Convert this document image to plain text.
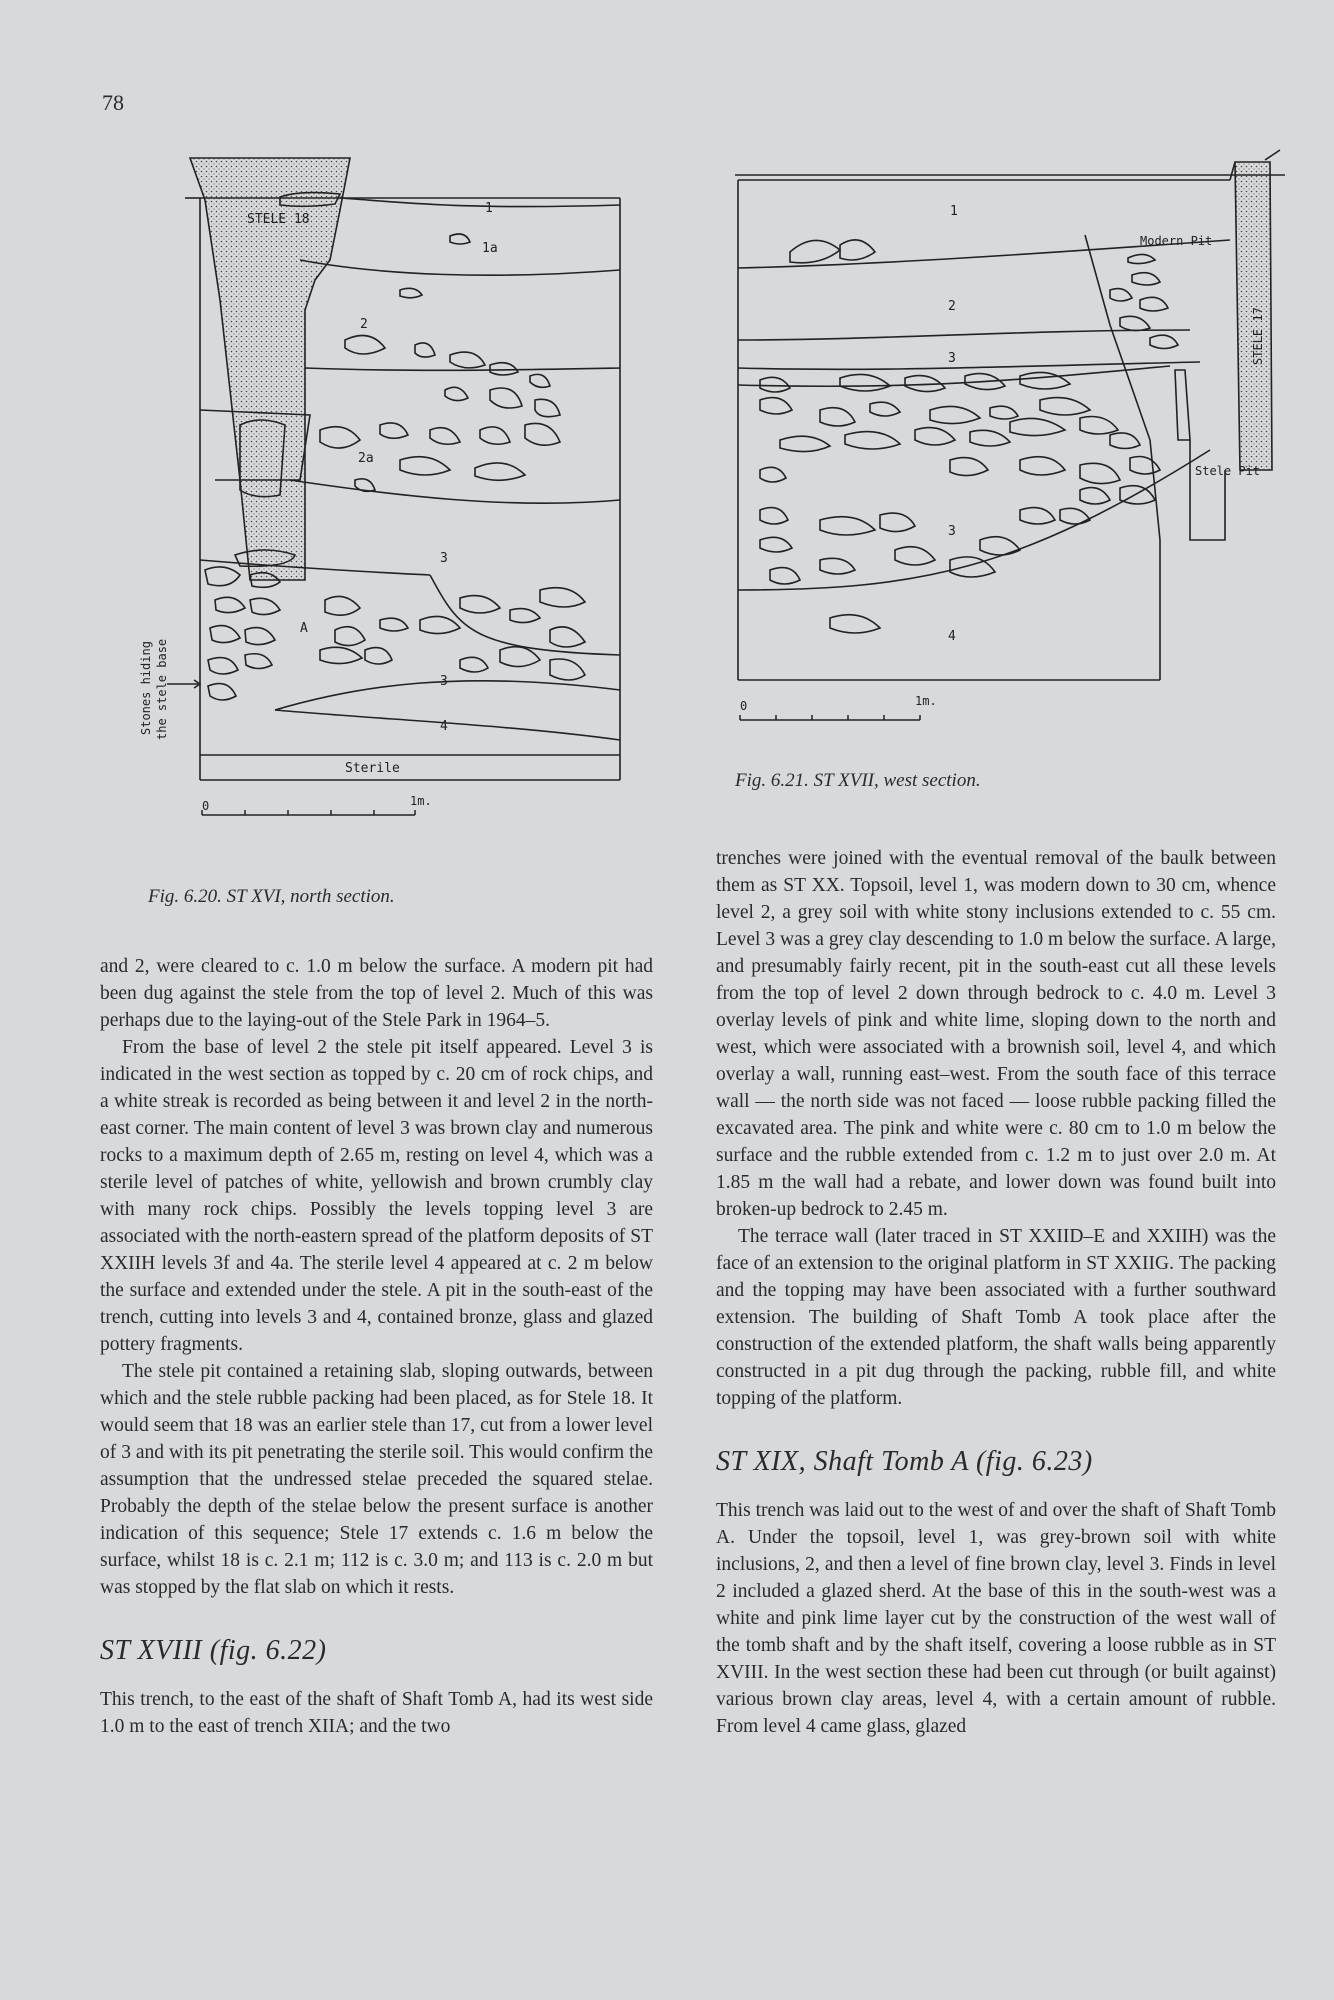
78
STELE 18
1
1a
2
2a
3
3
4
A
Sterile
0	1m.
Stones hiding the stele base
Fig. 6.20. ST XVI, north section.
1
2
3
3
4
Modern Pit
STELE 17
Stele Pit
0	1m.
Fig. 6.21. ST XVII, west section.

and 2, were cleared to c. 1.0 m below the surface. A modern pit had been dug against the stele from the top of level 2. Much of this was perhaps due to the laying-out of the Stele Park in 1964–5.

From the base of level 2 the stele pit itself appeared. Level 3 is indicated in the west section as topped by c. 20 cm of rock chips, and a white streak is recorded as being between it and level 2 in the north-east corner. The main content of level 3 was brown clay and numerous rocks to a maximum depth of 2.65 m, resting on level 4, which was a sterile level of patches of white, yellowish and brown crumbly clay with many rock chips. Possibly the levels topping level 3 are associated with the north-eastern spread of the platform deposits of ST XXIIH levels 3f and 4a. The sterile level 4 appeared at c. 2 m below the surface and extended under the stele. A pit in the south-east of the trench, cutting into levels 3 and 4, contained bronze, glass and glazed pottery fragments.

The stele pit contained a retaining slab, sloping outwards, between which and the stele rubble packing had been placed, as for Stele 18. It would seem that 18 was an earlier stele than 17, cut from a lower level of 3 and with its pit penetrating the sterile soil. This would confirm the assumption that the undressed stelae preceded the squared stelae. Probably the depth of the stelae below the present surface is another indication of this sequence; Stele 17 extends c. 1.6 m below the surface, whilst 18 is c. 2.1 m; 112 is c. 3.0 m; and 113 is c. 2.0 m but was stopped by the flat slab on which it rests.

ST XVIII (fig. 6.22)

This trench, to the east of the shaft of Shaft Tomb A, had its west side 1.0 m to the east of trench XIIA; and the two

trenches were joined with the eventual removal of the baulk between them as ST XX. Topsoil, level 1, was modern down to 30 cm, whence level 2, a grey soil with white stony inclusions extended to c. 55 cm. Level 3 was a grey clay descending to 1.0 m below the surface. A large, and presumably fairly recent, pit in the south-east cut all these levels from the top of level 2 down through bedrock to c. 4.0 m. Level 3 overlay levels of pink and white lime, sloping down to the north and west, which were associated with a brownish soil, level 4, and which overlay a wall, running east–west. From the south face of this terrace wall — the north side was not faced — loose rubble packing filled the excavated area. The pink and white were c. 80 cm to 1.0 m below the surface and the rubble extended from c. 1.2 m to just over 2.0 m. At 1.85 m the wall had a rebate, and lower down was found built into broken-up bedrock to 2.45 m.

The terrace wall (later traced in ST XXIID–E and XXIIH) was the face of an extension to the original platform in ST XXIIG. The packing and the topping may have been associated with a further southward extension. The building of Shaft Tomb A took place after the construction of the extended platform, the shaft walls being apparently constructed in a pit dug through the packing, rubble fill, and white topping of the platform.

ST XIX, Shaft Tomb A (fig. 6.23)

This trench was laid out to the west of and over the shaft of Shaft Tomb A. Under the topsoil, level 1, was grey-brown soil with white inclusions, 2, and then a level of fine brown clay, level 3. Finds in level 2 included a glazed sherd. At the base of this in the south-west was a white and pink lime layer cut by the construction of the west wall of the tomb shaft and by the shaft itself, covering a loose rubble as in ST XVIII. In the west section these had been cut through (or built against) various brown clay areas, level 4, with a certain amount of rubble. From level 4 came glass, glazed
